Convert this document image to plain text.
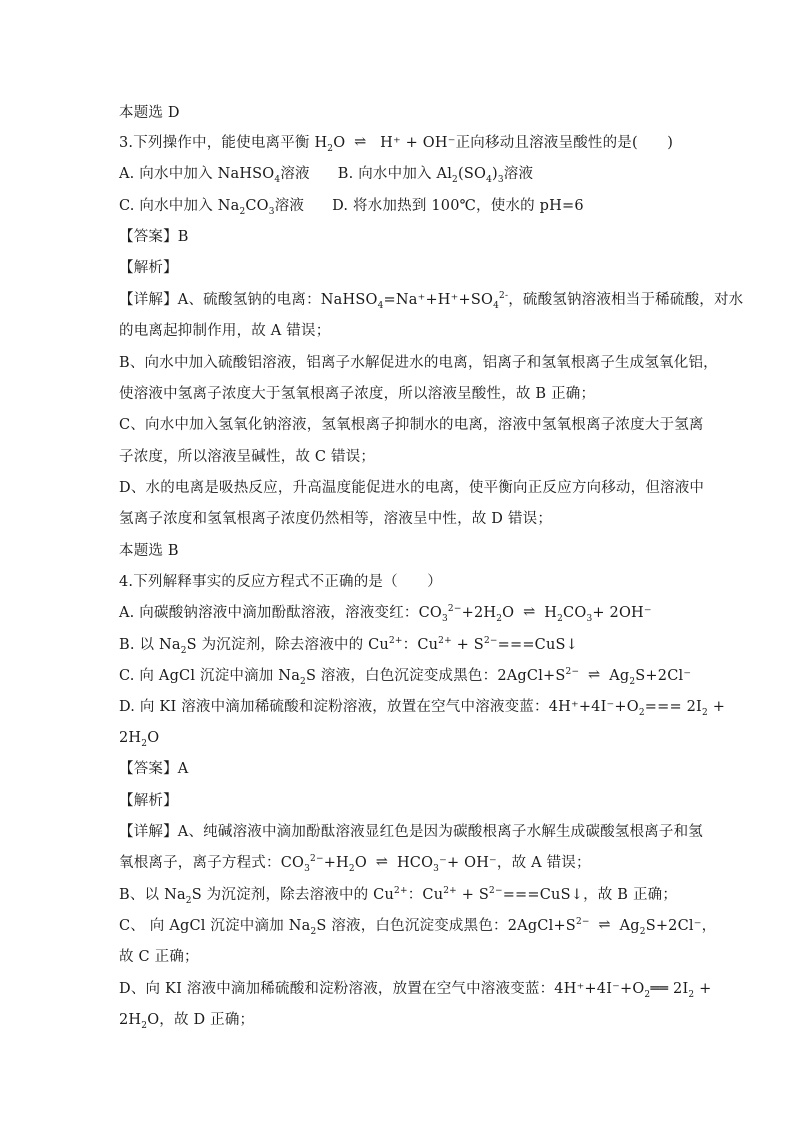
本题选 D
3.下列操作中，能使电离平衡 $H_2O$ ⇌ H⁺ + OH⁻正向移动且溶液呈酸性的是(　　)
A. 向水中加入 NaHSO$_4$溶液 B. 向水中加入 $Al_2(SO_4)_3$溶液
C. 向水中加入 $Na_2CO_3$溶液 D. 将水加热到 100℃，使水的 pH=6
【答案】B
【解析】
【详解】A、硫酸氢钠的电离：$NaHSO_4=Na^++H^++SO_4^{2-}$，硫酸氢钠溶液相当于稀硫酸，对水
的电离起抑制作用，故 A 错误；
B、向水中加入硫酸铝溶液，铝离子水解促进水的电离，铝离子和氢氧根离子生成氢氧化铝，
使溶液中氢离子浓度大于氢氧根离子浓度，所以溶液呈酸性，故 B 正确；
C、向水中加入氢氧化钠溶液，氢氧根离子抑制水的电离，溶液中氢氧根离子浓度大于氢离
子浓度，所以溶液呈碱性，故 C 错误；
D、水的电离是吸热反应，升高温度能促进水的电离，使平衡向正反应方向移动，但溶液中
氢离子浓度和氢氧根离子浓度仍然相等，溶液呈中性，故 D 错误；
本题选 B
4.下列解释事实的反应方程式不正确的是（　　）
A. 向碳酸钠溶液中滴加酚酞溶液，溶液变红：$CO_3^{2-}+2H_2O$ ⇌ $H_2CO_3+ 2OH^-$
B. 以 $Na_2S$ 为沉淀剂，除去溶液中的 $Cu^{2+}$：$Cu^{2+}$ + $S^{2-}===CuS↓$
C. 向 AgCl 沉淀中滴加 $Na_2S$ 溶液，白色沉淀变成黑色：$2AgCl+S^{2-}$ ⇌ $Ag_2S+2Cl^-$
D. 向 KI 溶液中滴加稀硫酸和淀粉溶液，放置在空气中溶液变蓝：$4H^++4I^-+O_2=== 2I_2$ +
$2H_2O$
【答案】A
【解析】
【详解】A、纯碱溶液中滴加酚酞溶液显红色是因为碳酸根离子水解生成碳酸氢根离子和氢
氧根离子，离子方程式：$CO_3^{2-}+H_2O$ ⇌ $HCO_3^-+ OH^-$，故 A 错误；
B、以 $Na_2S$ 为沉淀剂，除去溶液中的 $Cu^{2+}$：$Cu^{2+}$ + $S^{2-}===CuS↓$，故 B 正确；
C、 向 AgCl 沉淀中滴加 $Na_2S$ 溶液，白色沉淀变成黑色：$2AgCl+S^{2-}$ ⇌ $Ag_2S+2Cl^-$，
故 C 正确；
D、向 KI 溶液中滴加稀硫酸和淀粉溶液，放置在空气中溶液变蓝：$4H^++4I^-+O_2══$ $2I_2$ +
$2H_2O$，故 D 正确；
